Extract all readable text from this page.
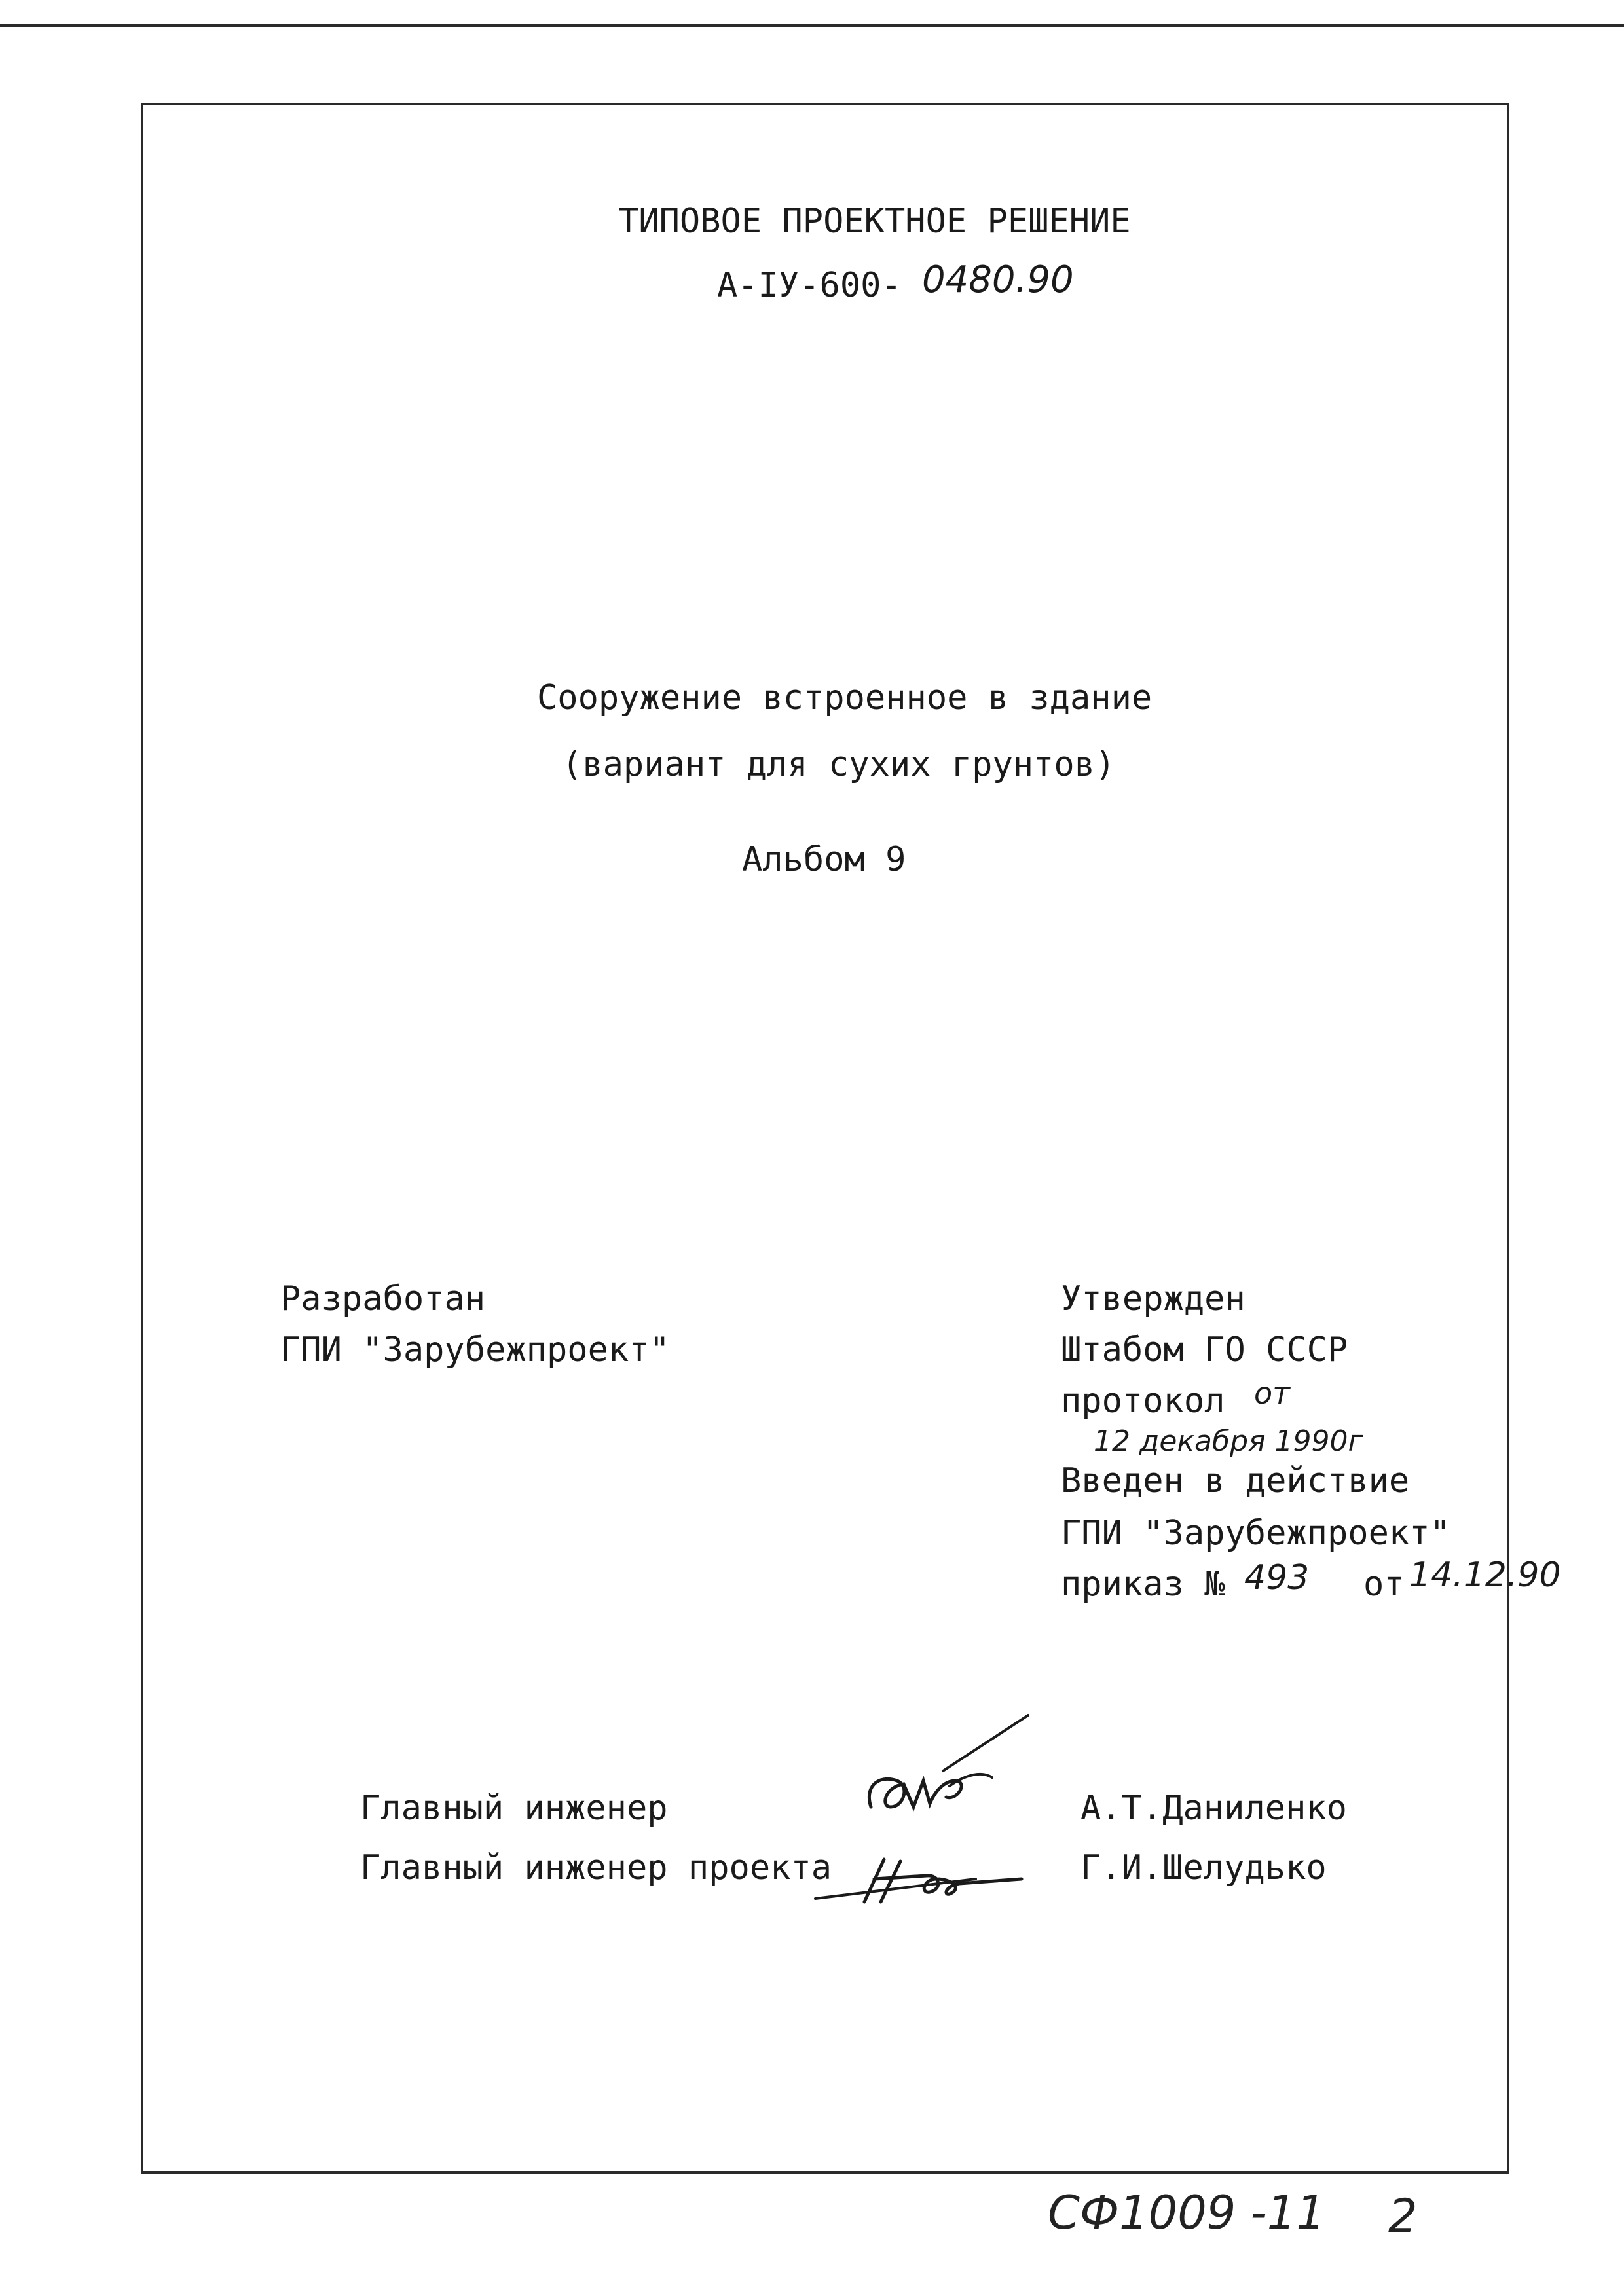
ТИПОВОЕ ПРОЕКТНОЕ РЕШЕНИЕ
А-IУ-600- 0480.90
Сооружение встроенное в здание
(вариант для сухих грунтов)
Альбом 9
Разработан
ГПИ "Зарубежпроект"
Утвержден
Штабом ГО СССР
протокол от
12 декабря 1990г
Введен в действие
ГПИ "Зарубежпроект"
приказ № 493 от 14.12.90
Главный инженер	А.Т.Даниленко
Главный инженер проекта	Г.И.Шелудько
СФ1009 -11 2
